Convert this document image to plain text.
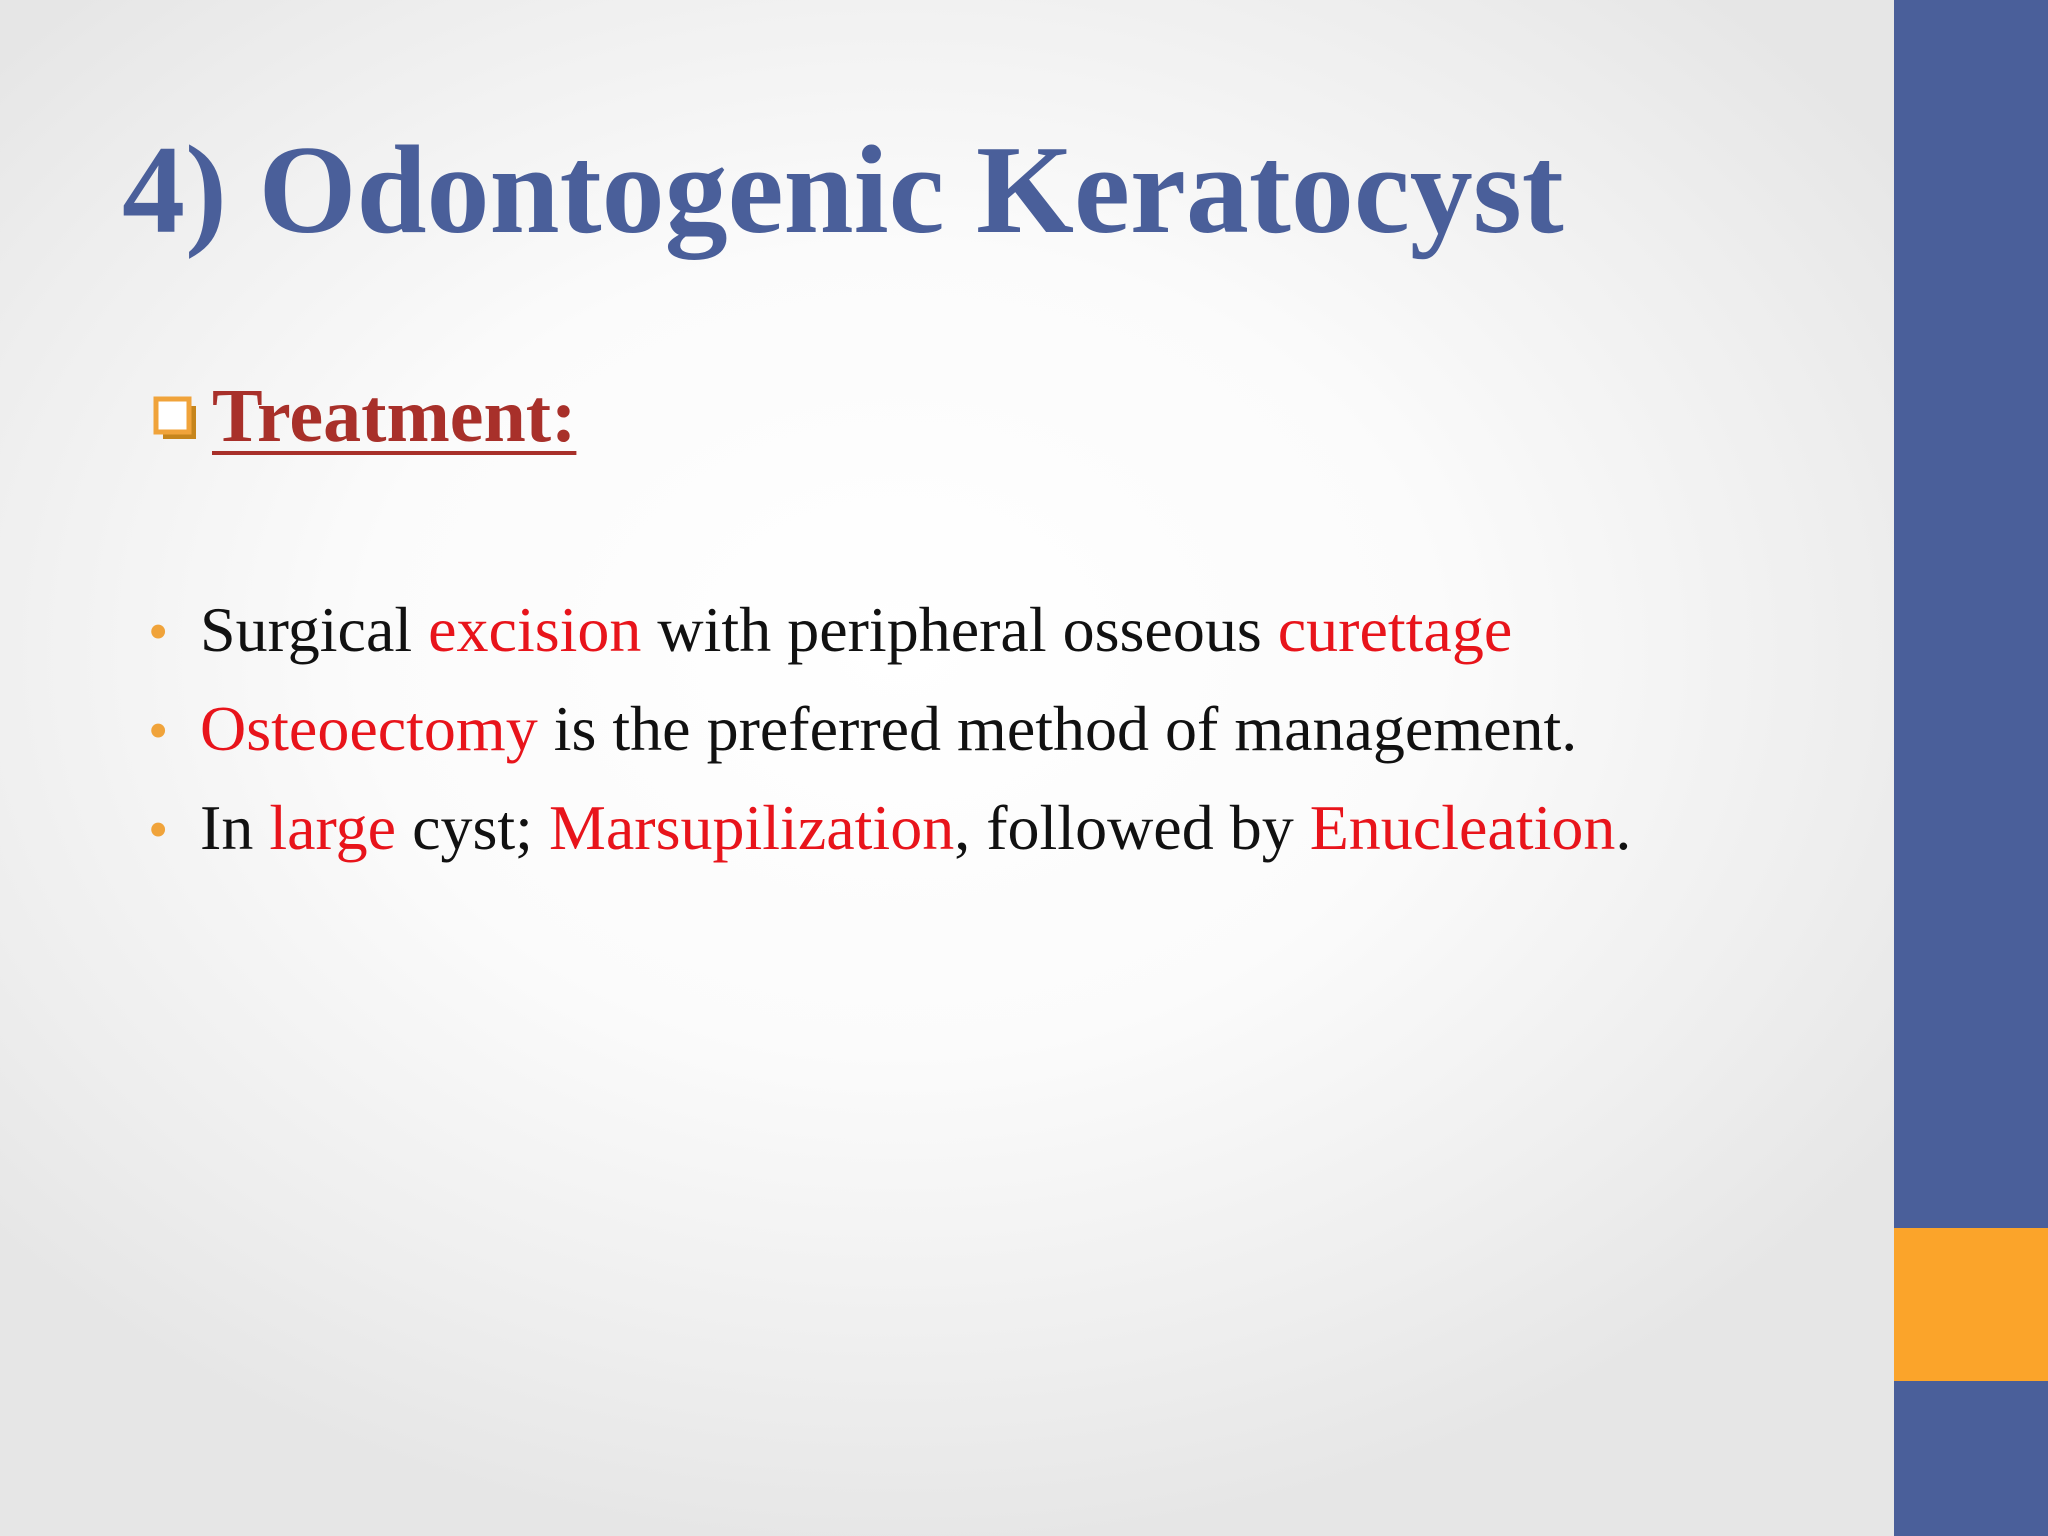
4) Odontogenic Keratocyst
Treatment:
• Surgical excision with peripheral osseous curettage
• Osteoectomy is the preferred method of management.
• In large cyst; Marsupilization, followed by Enucleation.
